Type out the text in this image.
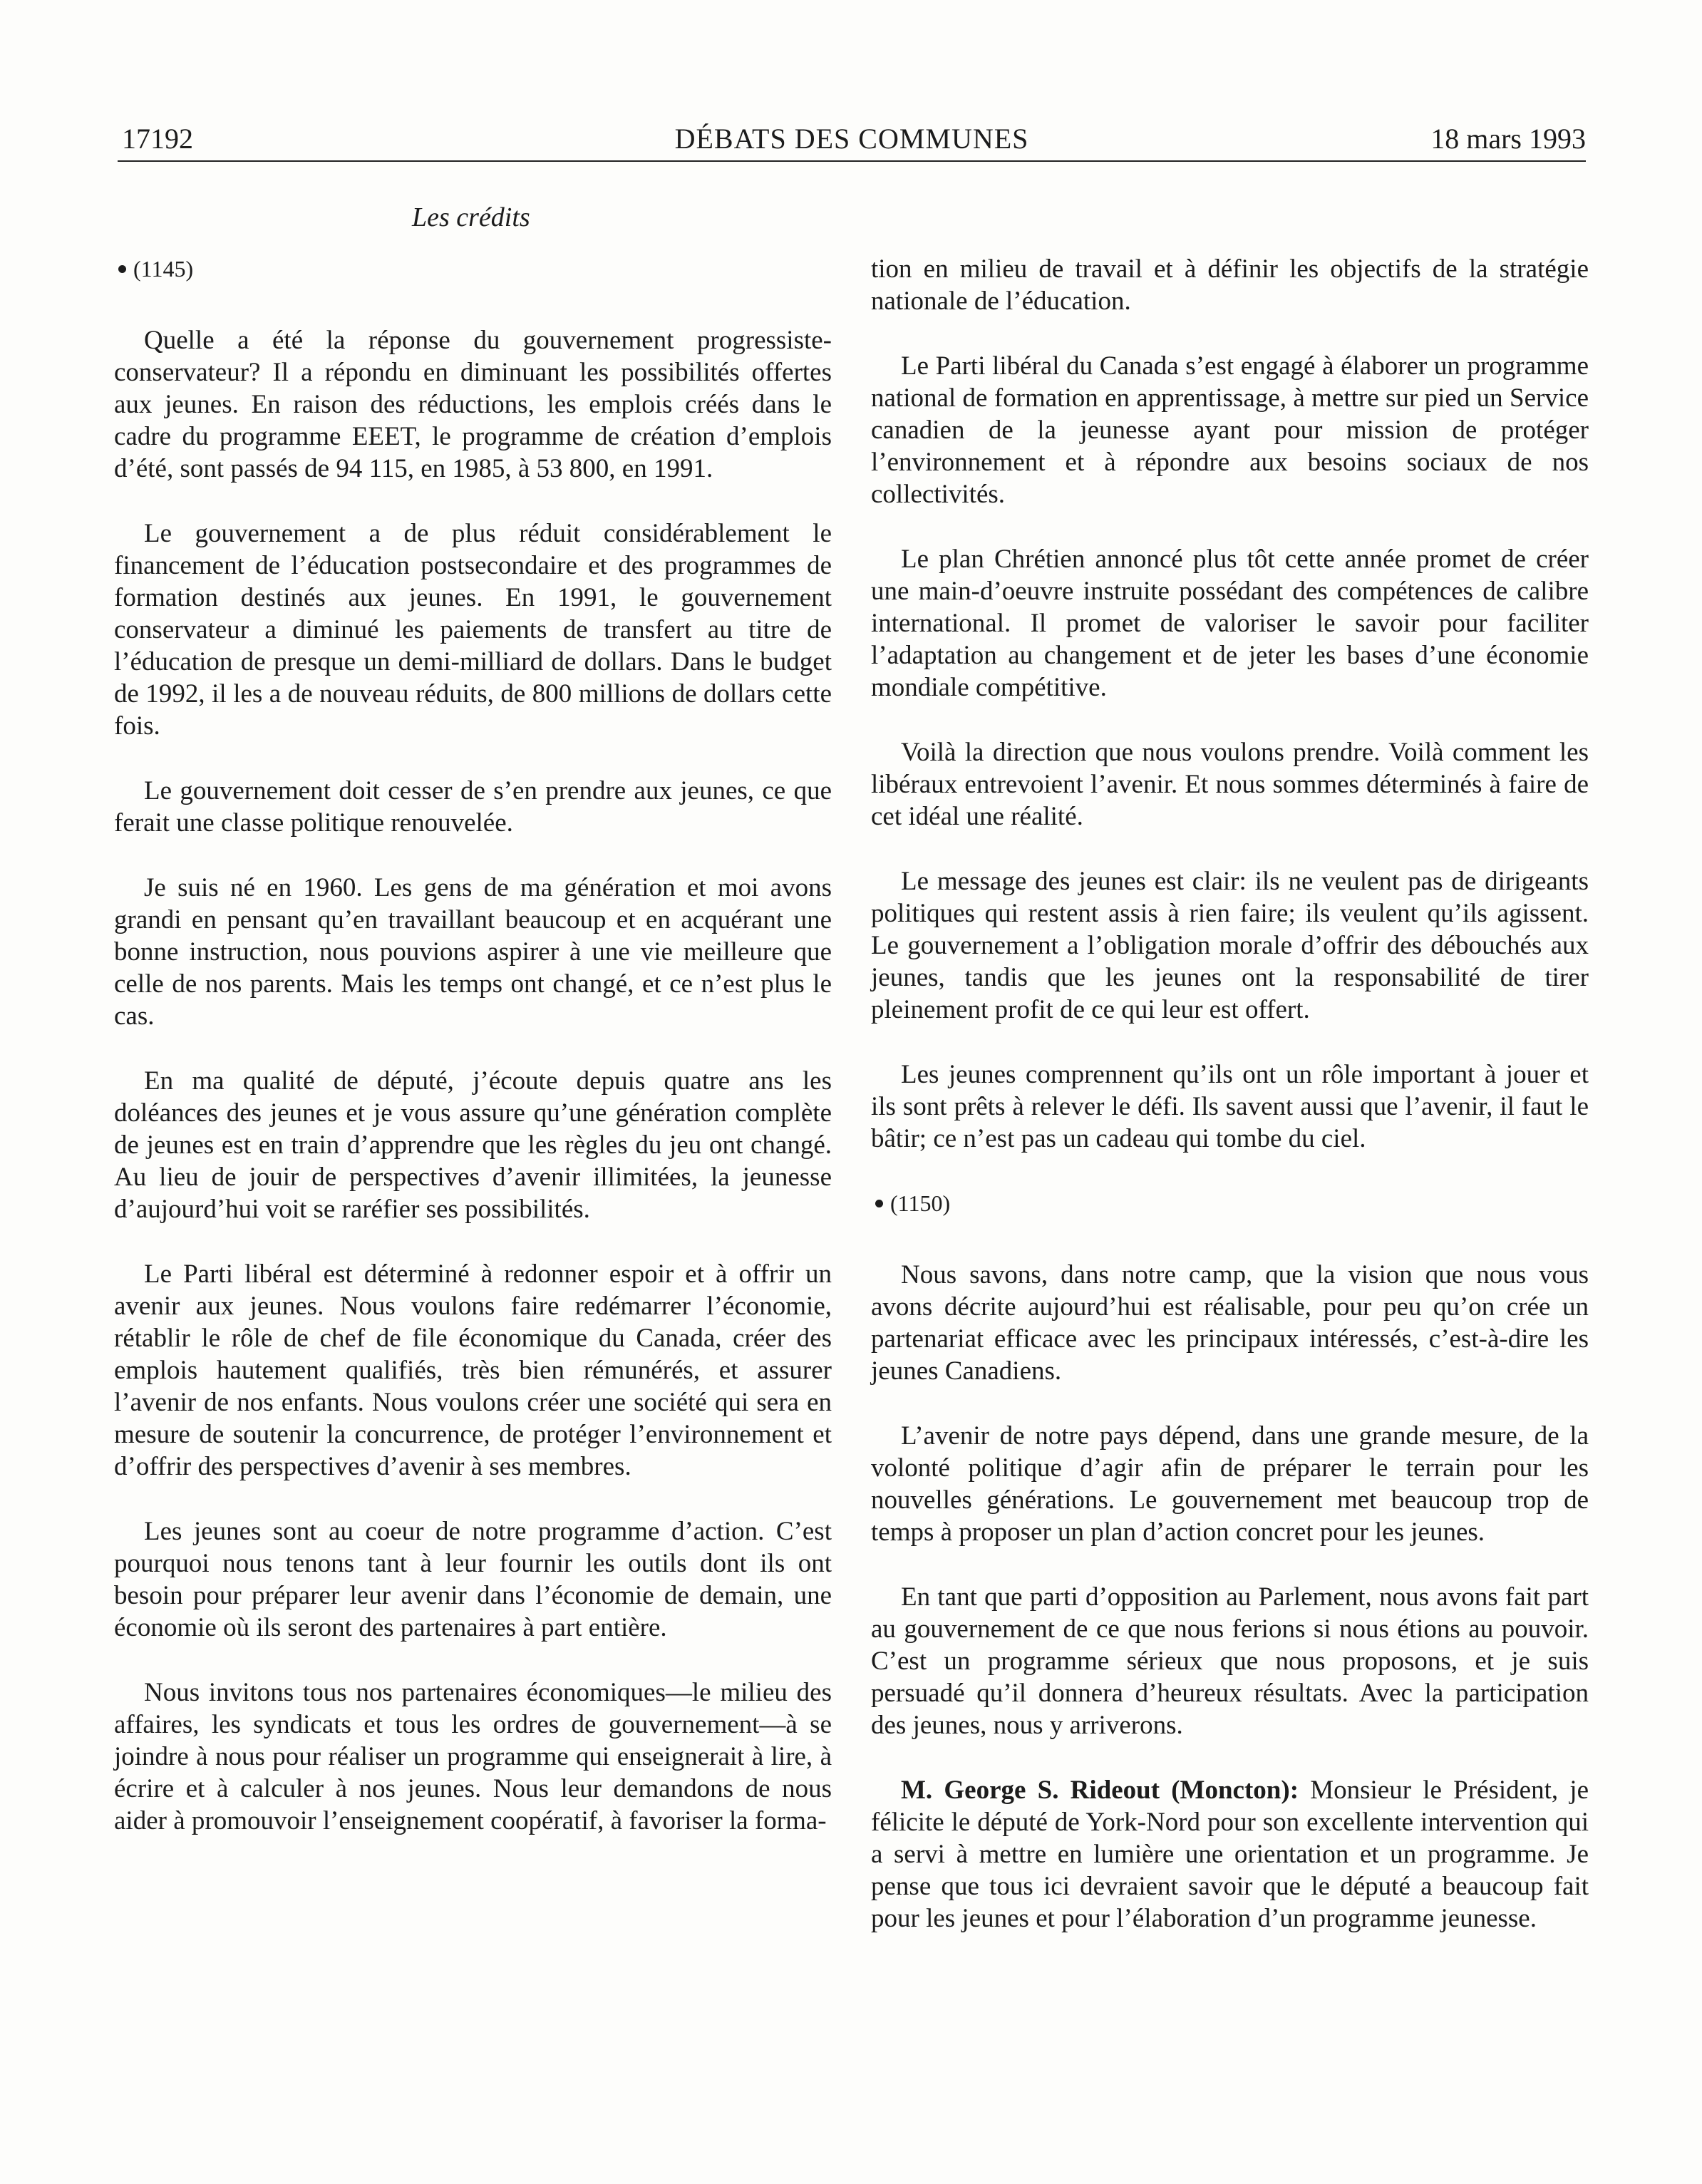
17192	DÉBATS DES COMMUNES	18 mars 1993
Les crédits
(1145)

Quelle a été la réponse du gouvernement progressiste-conservateur? Il a répondu en diminuant les possibilités offertes aux jeunes. En raison des réductions, les emplois créés dans le cadre du programme EEET, le programme de création d’emplois d’été, sont passés de 94 115, en 1985, à 53 800, en 1991.

Le gouvernement a de plus réduit considérablement le financement de l’éducation postsecondaire et des programmes de formation destinés aux jeunes. En 1991, le gouvernement conservateur a diminué les paiements de transfert au titre de l’éducation de presque un demi-milliard de dollars. Dans le budget de 1992, il les a de nouveau réduits, de 800 millions de dollars cette fois.

Le gouvernement doit cesser de s’en prendre aux jeunes, ce que ferait une classe politique renouvelée.

Je suis né en 1960. Les gens de ma génération et moi avons grandi en pensant qu’en travaillant beaucoup et en acquérant une bonne instruction, nous pouvions aspirer à une vie meilleure que celle de nos parents. Mais les temps ont changé, et ce n’est plus le cas.

En ma qualité de député, j’écoute depuis quatre ans les doléances des jeunes et je vous assure qu’une génération complète de jeunes est en train d’apprendre que les règles du jeu ont changé. Au lieu de jouir de perspectives d’avenir illimitées, la jeunesse d’aujourd’hui voit se raréfier ses possibilités.

Le Parti libéral est déterminé à redonner espoir et à offrir un avenir aux jeunes. Nous voulons faire redémarrer l’économie, rétablir le rôle de chef de file économique du Canada, créer des emplois hautement qualifiés, très bien rémunérés, et assurer l’avenir de nos enfants. Nous voulons créer une société qui sera en mesure de soutenir la concurrence, de protéger l’environnement et d’offrir des perspectives d’avenir à ses membres.

Les jeunes sont au coeur de notre programme d’action. C’est pourquoi nous tenons tant à leur fournir les outils dont ils ont besoin pour préparer leur avenir dans l’économie de demain, une économie où ils seront des partenaires à part entière.

Nous invitons tous nos partenaires économiques—le milieu des affaires, les syndicats et tous les ordres de gouvernement—à se joindre à nous pour réaliser un programme qui enseignerait à lire, à écrire et à calculer à nos jeunes. Nous leur demandons de nous aider à promouvoir l’enseignement coopératif, à favoriser la forma-

tion en milieu de travail et à définir les objectifs de la stratégie nationale de l’éducation.

Le Parti libéral du Canada s’est engagé à élaborer un programme national de formation en apprentissage, à mettre sur pied un Service canadien de la jeunesse ayant pour mission de protéger l’environnement et à répondre aux besoins sociaux de nos collectivités.

Le plan Chrétien annoncé plus tôt cette année promet de créer une main-d’oeuvre instruite possédant des compétences de calibre international. Il promet de valoriser le savoir pour faciliter l’adaptation au changement et de jeter les bases d’une économie mondiale compétitive.

Voilà la direction que nous voulons prendre. Voilà comment les libéraux entrevoient l’avenir. Et nous sommes déterminés à faire de cet idéal une réalité.

Le message des jeunes est clair: ils ne veulent pas de dirigeants politiques qui restent assis à rien faire; ils veulent qu’ils agissent. Le gouvernement a l’obligation morale d’offrir des débouchés aux jeunes, tandis que les jeunes ont la responsabilité de tirer pleinement profit de ce qui leur est offert.

Les jeunes comprennent qu’ils ont un rôle important à jouer et ils sont prêts à relever le défi. Ils savent aussi que l’avenir, il faut le bâtir; ce n’est pas un cadeau qui tombe du ciel.

(1150)

Nous savons, dans notre camp, que la vision que nous vous avons décrite aujourd’hui est réalisable, pour peu qu’on crée un partenariat efficace avec les principaux intéressés, c’est-à-dire les jeunes Canadiens.

L’avenir de notre pays dépend, dans une grande mesure, de la volonté politique d’agir afin de préparer le terrain pour les nouvelles générations. Le gouvernement met beaucoup trop de temps à proposer un plan d’action concret pour les jeunes.

En tant que parti d’opposition au Parlement, nous avons fait part au gouvernement de ce que nous ferions si nous étions au pouvoir. C’est un programme sérieux que nous proposons, et je suis persuadé qu’il donnera d’heureux résultats. Avec la participation des jeunes, nous y arriverons.

M. George S. Rideout (Moncton): Monsieur le Président, je félicite le député de York-Nord pour son excellente intervention qui a servi à mettre en lumière une orientation et un programme. Je pense que tous ici devraient savoir que le député a beaucoup fait pour les jeunes et pour l’élaboration d’un programme jeunesse.
